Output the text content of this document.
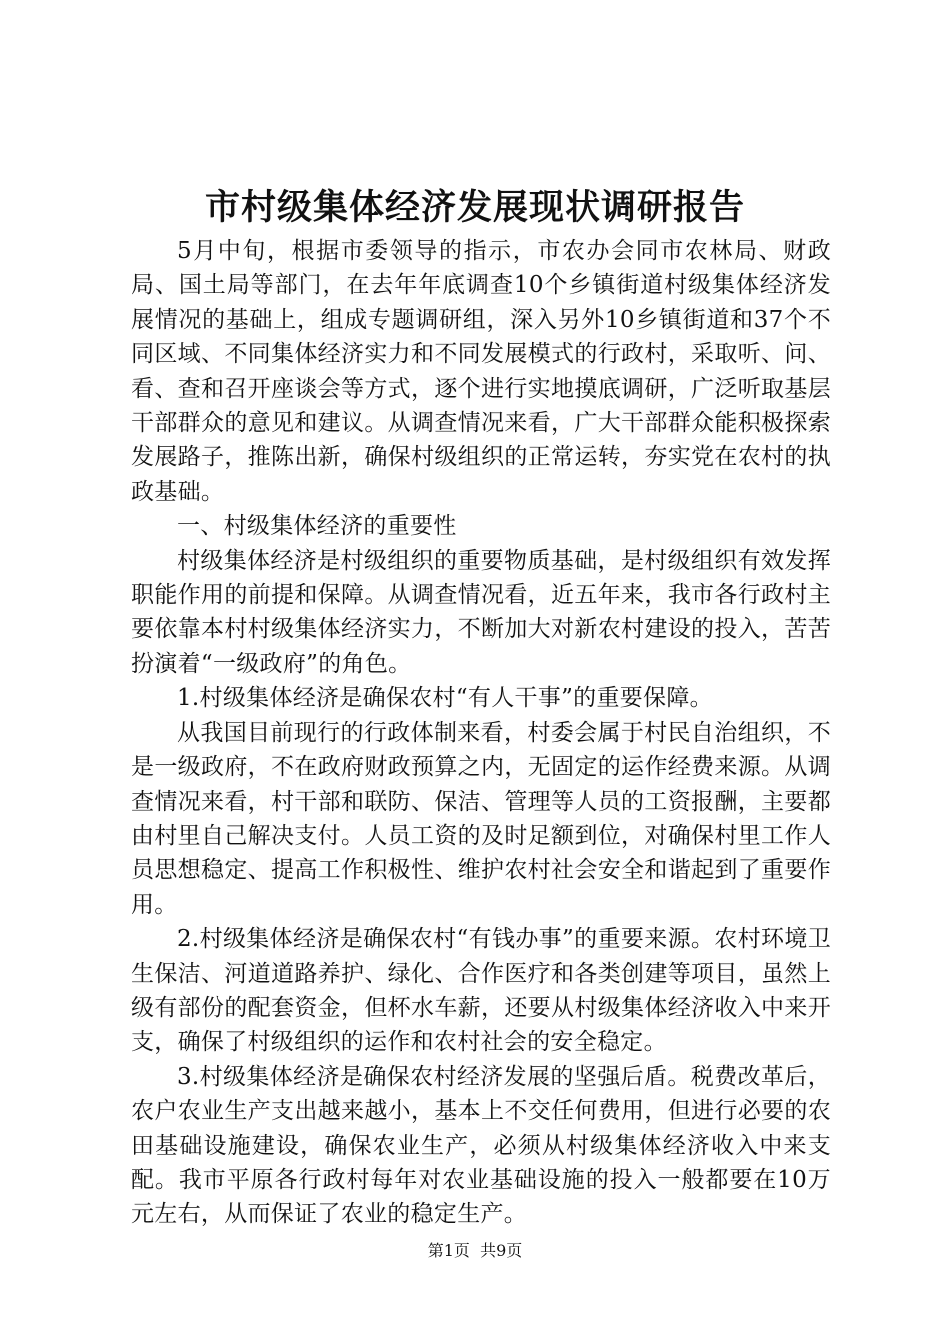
市村级集体经济发展现状调研报告

5月中旬，根据市委领导的指示，市农办会同市农林局、财政局、国土局等部门，在去年年底调查10个乡镇街道村级集体经济发展情况的基础上，组成专题调研组，深入另外10乡镇街道和37个不同区域、不同集体经济实力和不同发展模式的行政村，采取听、问、看、查和召开座谈会等方式，逐个进行实地摸底调研，广泛听取基层干部群众的意见和建议。从调查情况来看，广大干部群众能积极探索发展路子，推陈出新，确保村级组织的正常运转，夯实党在农村的执政基础。

一、村级集体经济的重要性

村级集体经济是村级组织的重要物质基础，是村级组织有效发挥职能作用的前提和保障。从调查情况看，近五年来，我市各行政村主要依靠本村村级集体经济实力，不断加大对新农村建设的投入，苦苦扮演着“一级政府”的角色。

1.村级集体经济是确保农村“有人干事”的重要保障。

从我国目前现行的行政体制来看，村委会属于村民自治组织，不是一级政府，不在政府财政预算之内，无固定的运作经费来源。从调查情况来看，村干部和联防、保洁、管理等人员的工资报酬，主要都由村里自己解决支付。人员工资的及时足额到位，对确保村里工作人员思想稳定、提高工作积极性、维护农村社会安全和谐起到了重要作用。

2.村级集体经济是确保农村“有钱办事”的重要来源。农村环境卫生保洁、河道道路养护、绿化、合作医疗和各类创建等项目，虽然上级有部份的配套资金，但杯水车薪，还要从村级集体经济收入中来开支，确保了村级组织的运作和农村社会的安全稳定。

3.村级集体经济是确保农村经济发展的坚强后盾。税费改革后，农户农业生产支出越来越小，基本上不交任何费用，但进行必要的农田基础设施建设，确保农业生产，必须从村级集体经济收入中来支配。我市平原各行政村每年对农业基础设施的投入一般都要在10万元左右，从而保证了农业的稳定生产。

第1页 共9页
